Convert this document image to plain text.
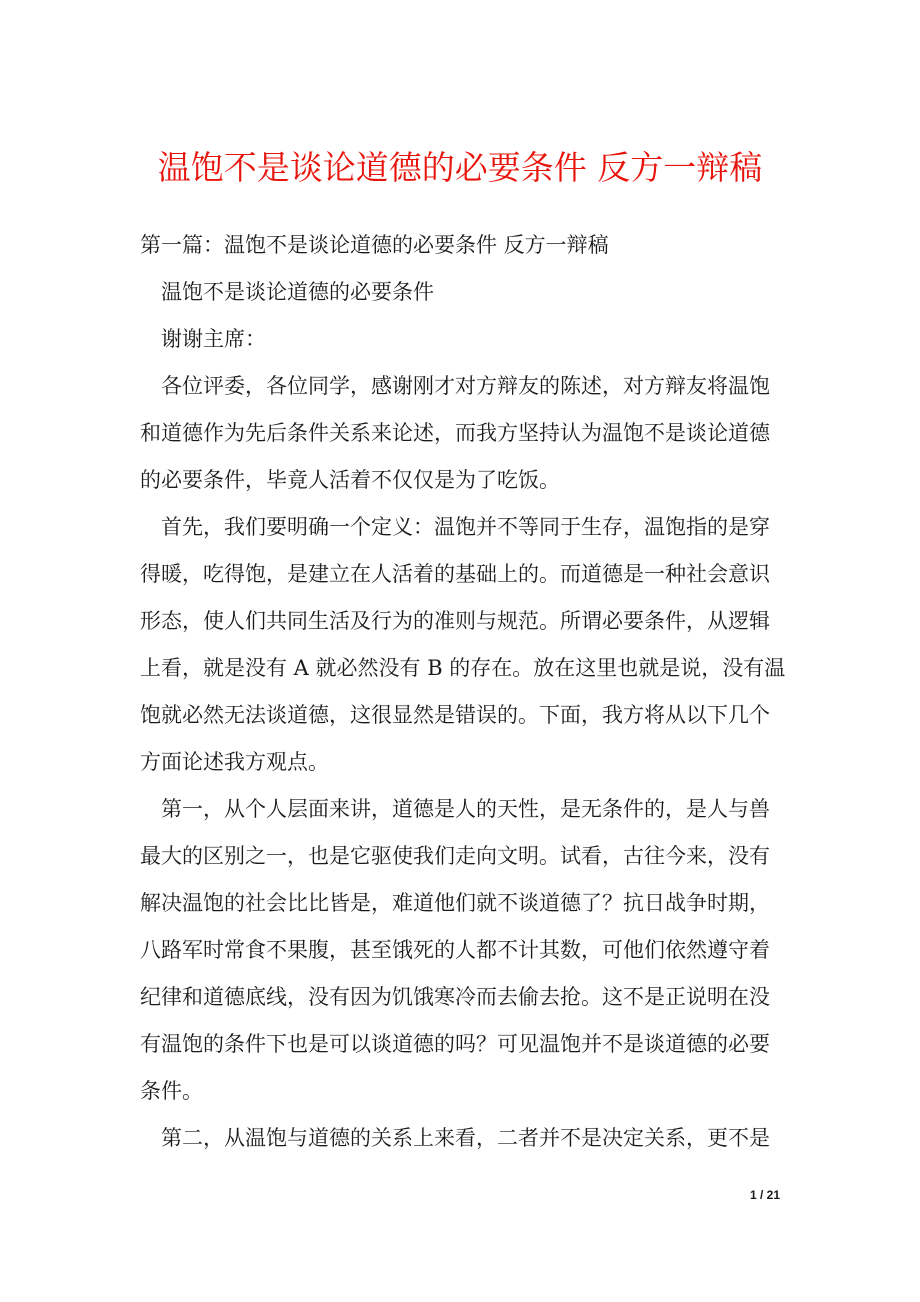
温饱不是谈论道德的必要条件 反方一辩稿

第一篇：温饱不是谈论道德的必要条件 反方一辩稿

温饱不是谈论道德的必要条件

谢谢主席：

各位评委，各位同学，感谢刚才对方辩友的陈述，对方辩友将温饱和道德作为先后条件关系来论述，而我方坚持认为温饱不是谈论道德的必要条件，毕竟人活着不仅仅是为了吃饭。

首先，我们要明确一个定义：温饱并不等同于生存，温饱指的是穿得暖，吃得饱，是建立在人活着的基础上的。而道德是一种社会意识形态，使人们共同生活及行为的准则与规范。所谓必要条件，从逻辑上看，就是没有 A 就必然没有 B 的存在。放在这里也就是说，没有温饱就必然无法谈道德，这很显然是错误的。下面，我方将从以下几个方面论述我方观点。

第一，从个人层面来讲，道德是人的天性，是无条件的，是人与兽最大的区别之一，也是它驱使我们走向文明。试看，古往今来，没有解决温饱的社会比比皆是，难道他们就不谈道德了？抗日战争时期，八路军时常食不果腹，甚至饿死的人都不计其数，可他们依然遵守着纪律和道德底线，没有因为饥饿寒冷而去偷去抢。这不是正说明在没有温饱的条件下也是可以谈道德的吗？可见温饱并不是谈道德的必要条件。

第二，从温饱与道德的关系上来看，二者并不是决定关系，更不是

1 / 21
